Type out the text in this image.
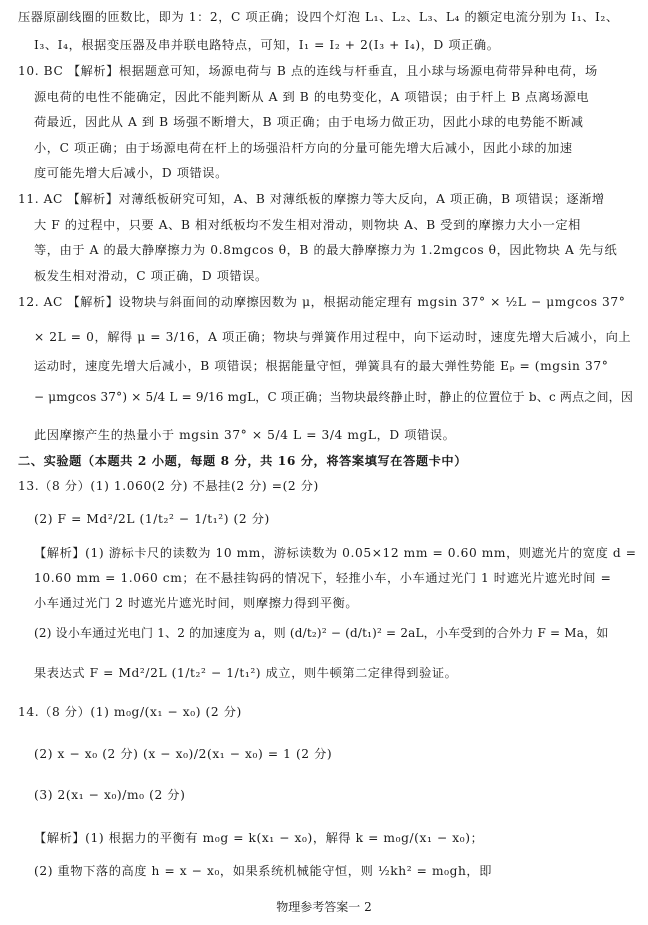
压器原副线圈的匝数比，即为 1：2，C 项正确；设四个灯泡 L₁、L₂、L₃、L₄ 的额定电流分别为 I₁、I₂、
I₃、I₄，根据变压器及串并联电路特点，可知，I₁ = I₂ + 2(I₃ + I₄)，D 项正确。
10. BC 【解析】根据题意可知，场源电荷与 B 点的连线与杆垂直，且小球与场源电荷带异种电荷，场
源电荷的电性不能确定，因此不能判断从 A 到 B 的电势变化，A 项错误；由于杆上 B 点离场源电
荷最近，因此从 A 到 B 场强不断增大，B 项正确；由于电场力做正功，因此小球的电势能不断减
小，C 项正确；由于场源电荷在杆上的场强沿杆方向的分量可能先增大后减小，因此小球的加速
度可能先增大后减小，D 项错误。
11. AC 【解析】对薄纸板研究可知，A、B 对薄纸板的摩擦力等大反向，A 项正确，B 项错误；逐渐增
大 F 的过程中，只要 A、B 相对纸板均不发生相对滑动，则物块 A、B 受到的摩擦力大小一定相
等，由于 A 的最大静摩擦力为 0.8mgcos θ，B 的最大静摩擦力为 1.2mgcos θ，因此物块 A 先与纸
板发生相对滑动，C 项正确，D 项错误。
12. AC 【解析】设物块与斜面间的动摩擦因数为 μ，根据动能定理有 mgsin 37° × ½L − μmgcos 37°
× 2L = 0，解得 μ = 3/16，A 项正确；物块与弹簧作用过程中，向下运动时，速度先增大后减小，向上
运动时，速度先增大后减小，B 项错误；根据能量守恒，弹簧具有的最大弹性势能 Eₚ = (mgsin 37°
− μmgcos 37°) × 5/4 L = 9/16 mgL，C 项正确；当物块最终静止时，静止的位置位于 b、c 两点之间，因
此因摩擦产生的热量小于 mgsin 37° × 5/4 L = 3/4 mgL，D 项错误。
二、实验题（本题共 2 小题，每题 8 分，共 16 分，将答案填写在答题卡中）
13.（8 分）(1) 1.060(2 分) 不悬挂(2 分) =(2 分)
(2) F = Md²/2L (1/t₂² − 1/t₁²) (2 分)
【解析】(1) 游标卡尺的读数为 10 mm，游标读数为 0.05×12 mm = 0.60 mm，则遮光片的宽度 d =
10.60 mm = 1.060 cm；在不悬挂钩码的情况下，轻推小车，小车通过光门 1 时遮光片遮光时间 =
小车通过光门 2 时遮光片遮光时间，则摩擦力得到平衡。
(2) 设小车通过光电门 1、2 的加速度为 a，则 (d/t₂)² − (d/t₁)² = 2aL，小车受到的合外力 F = Ma，如
果表达式 F = Md²/2L (1/t₂² − 1/t₁²) 成立，则牛顿第二定律得到验证。
14.（8 分）(1) m₀g/(x₁ − x₀) (2 分)
(2) x − x₀ (2 分) (x − x₀)/2(x₁ − x₀) = 1 (2 分)
(3) 2(x₁ − x₀)/m₀ (2 分)
【解析】(1) 根据力的平衡有 m₀g = k(x₁ − x₀)，解得 k = m₀g/(x₁ − x₀)；
(2) 重物下落的高度 h = x − x₀，如果系统机械能守恒，则 ½kh² = m₀gh，即
物理参考答案一 2
